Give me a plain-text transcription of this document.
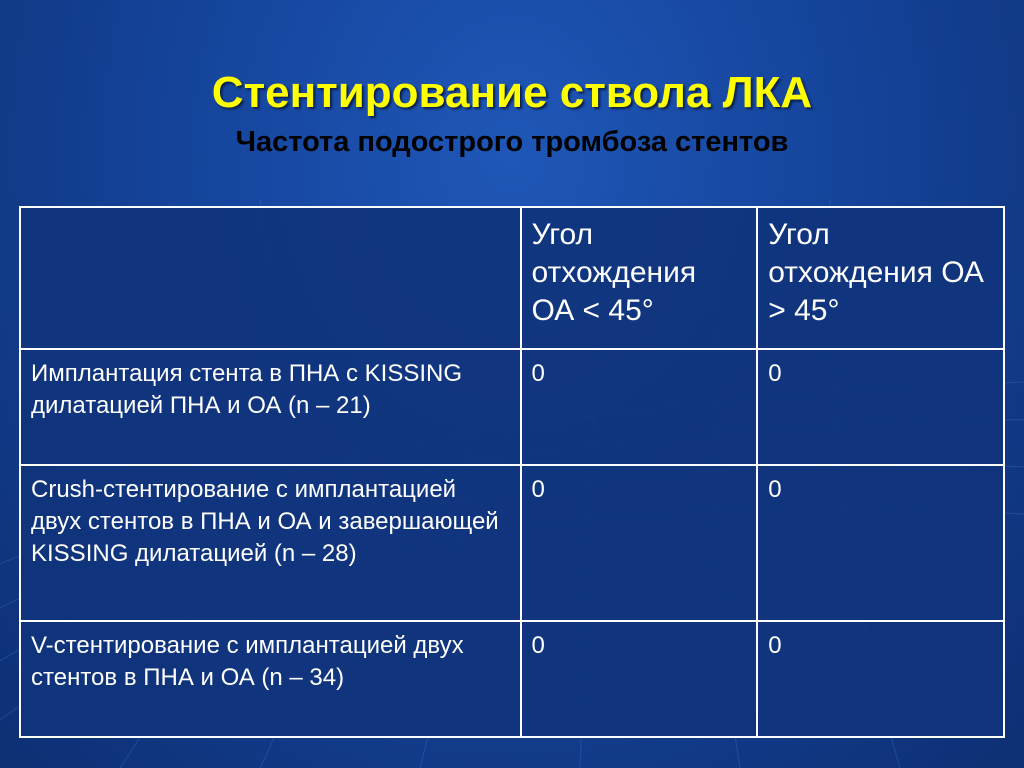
Стентирование ствола ЛКА
Частота подострого тромбоза стентов
	Угол отхождения ОА < 45°	Угол отхождения ОА > 45°
Имплантация стента в ПНА с KISSING дилатацией ПНА и ОА (n – 21)	0	0
Crush-стентирование с имплантацией двух стентов в ПНА и ОА и завершающей KISSING дилатацией (n – 28)	0	0
V-стентирование с имплантацией двух стентов в ПНА и ОА (n – 34)	0	0
